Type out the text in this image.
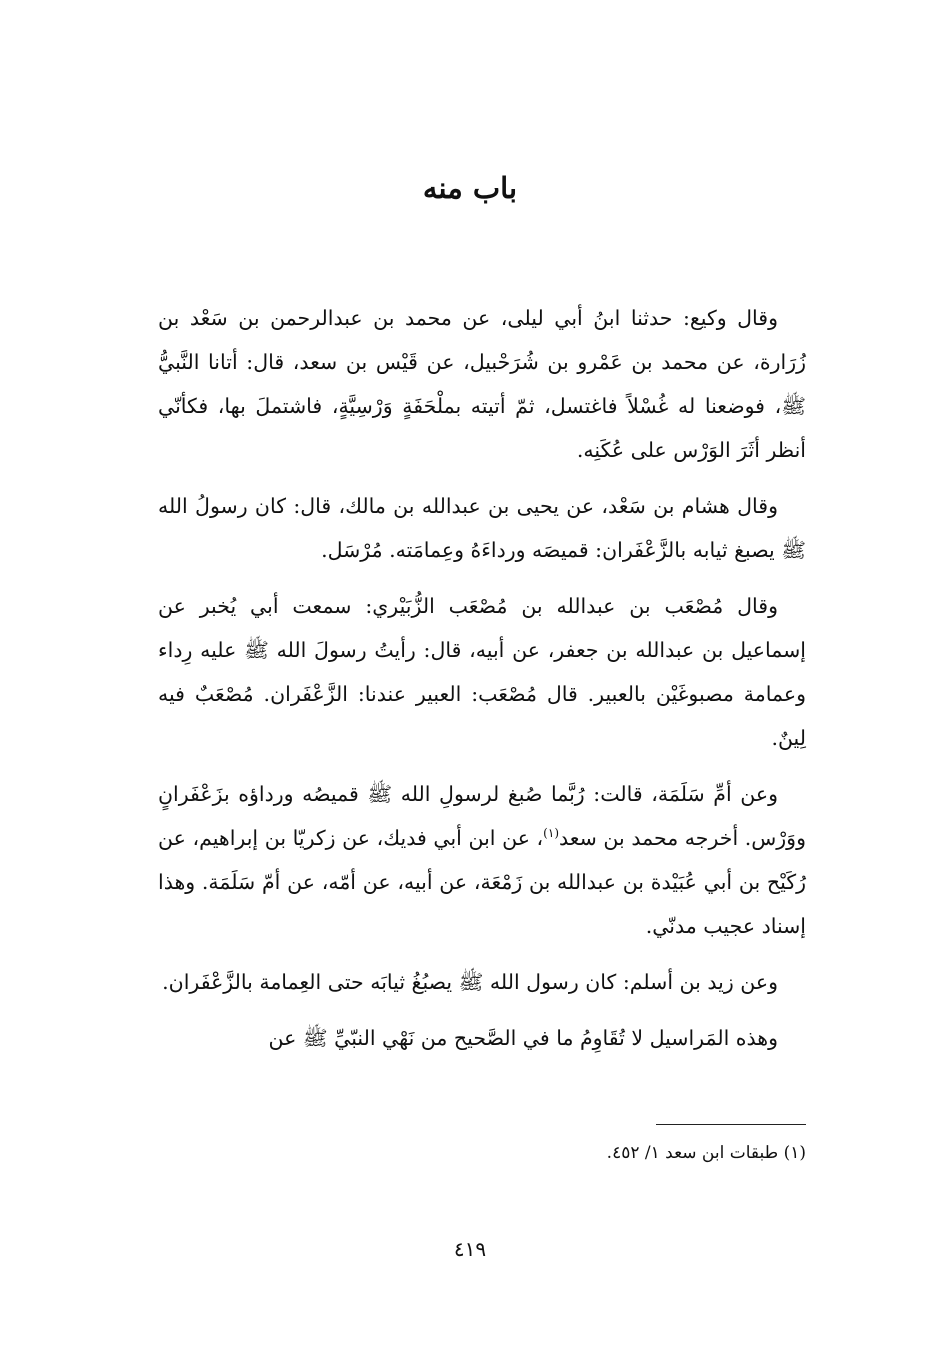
باب منه

وقال وكيع: حدثنا ابنُ أبي ليلى، عن محمد بن عبدالرحمن بن سَعْد بن زُرَارة، عن محمد بن عَمْرو بن شُرَحْبيل، عن قَيْس بن سعد، قال: أتانا النَّبيُّ ﷺ، فوضعنا له غُسْلاً فاغتسل، ثمّ أتيته بملْحَفَةٍ وَرْسِيَّةٍ، فاشتملَ بها، فكأنّي أنظر أثَرَ الوَرْس على عُكَنِه.

وقال هشام بن سَعْد، عن يحيى بن عبدالله بن مالك، قال: كان رسولُ الله ﷺ يصبغ ثيابه بالزَّعْفَران: قميصَه ورداءَهُ وعِمامَته. مُرْسَل.

وقال مُصْعَب بن عبدالله بن مُصْعَب الزُّبَيْري: سمعت أبي يُخبر عن إسماعيل بن عبدالله بن جعفر، عن أبيه، قال: رأيتُ رسولَ الله ﷺ عليه رِداء وعمامة مصبوغَيْن بالعبير. قال مُصْعَب: العبير عندنا: الزَّعْفَران. مُصْعَبٌ فيه لِينٌ.

وعن أمِّ سَلَمَة، قالت: رُبَّما صُبغ لرسولِ الله ﷺ قميصُه ورداؤه بزَعْفَرانٍ ووَرْس. أخرجه محمد بن سعد$^{(١)}$، عن ابن أبي فديك، عن زكريّا بن إبراهيم، عن رُكَيْح بن أبي عُبَيْدة بن عبدالله بن زَمْعَة، عن أبيه، عن أمّه، عن أمّ سَلَمَة. وهذا إسناد عجيب مدنّي.

وعن زيد بن أسلم: كان رسول الله ﷺ يصبُغُ ثيابَه حتى العِمامة بالزَّعْفَران.

وهذه المَراسيل لا تُقَاوِمُ ما في الصَّحيح من نَهْي النبّيِّ ﷺ عن

(١) طبقات ابن سعد ١/ ٤٥٢.

٤١٩
